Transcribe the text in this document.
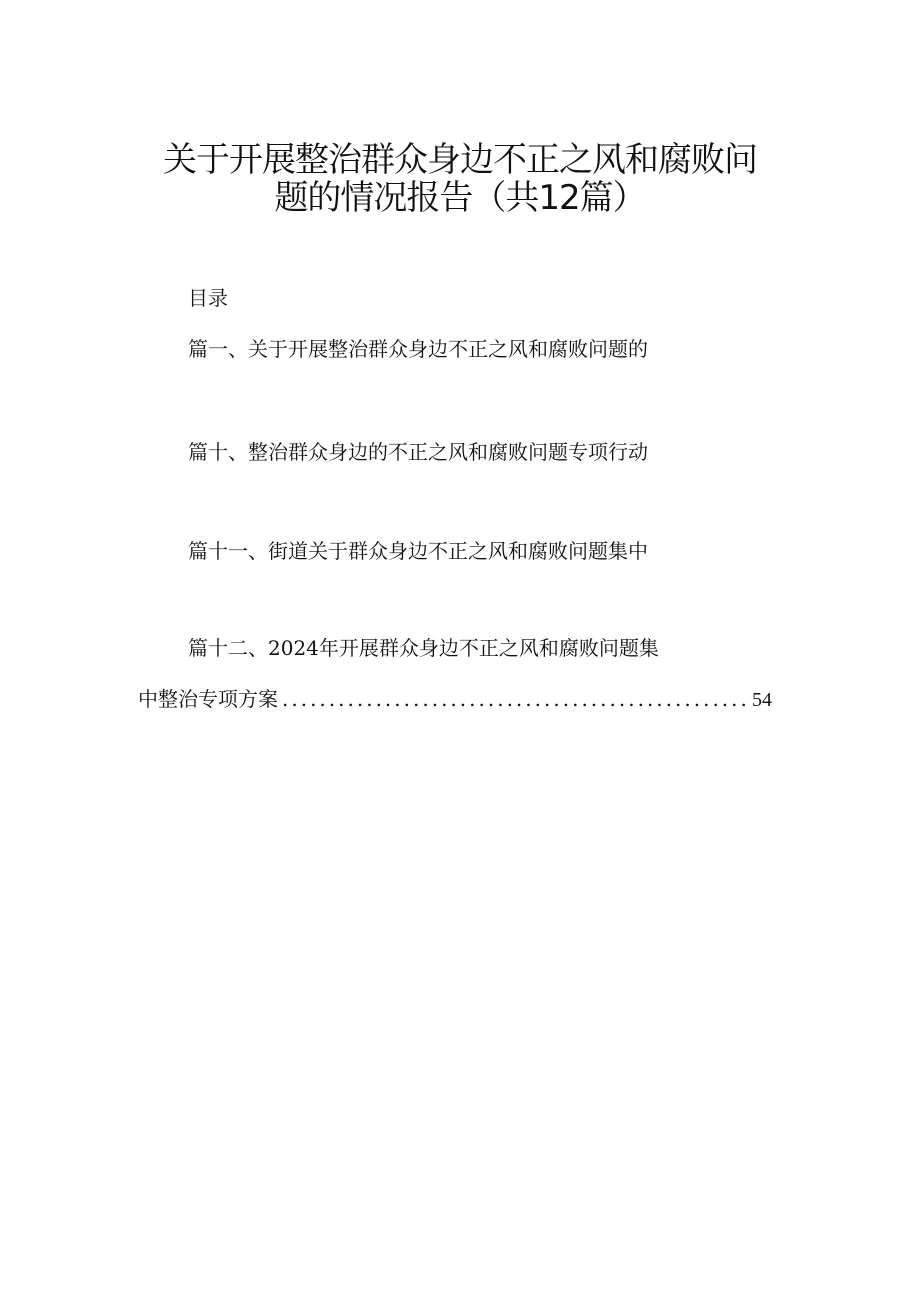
关于开展整治群众身边不正之风和腐败问
题的情况报告（共12篇）
目录
篇一、关于开展整治群众身边不正之风和腐败问题的
篇十、整治群众身边的不正之风和腐败问题专项行动
篇十一、街道关于群众身边不正之风和腐败问题集中
篇十二、2024年开展群众身边不正之风和腐败问题集
中整治专项方案
.....	54
